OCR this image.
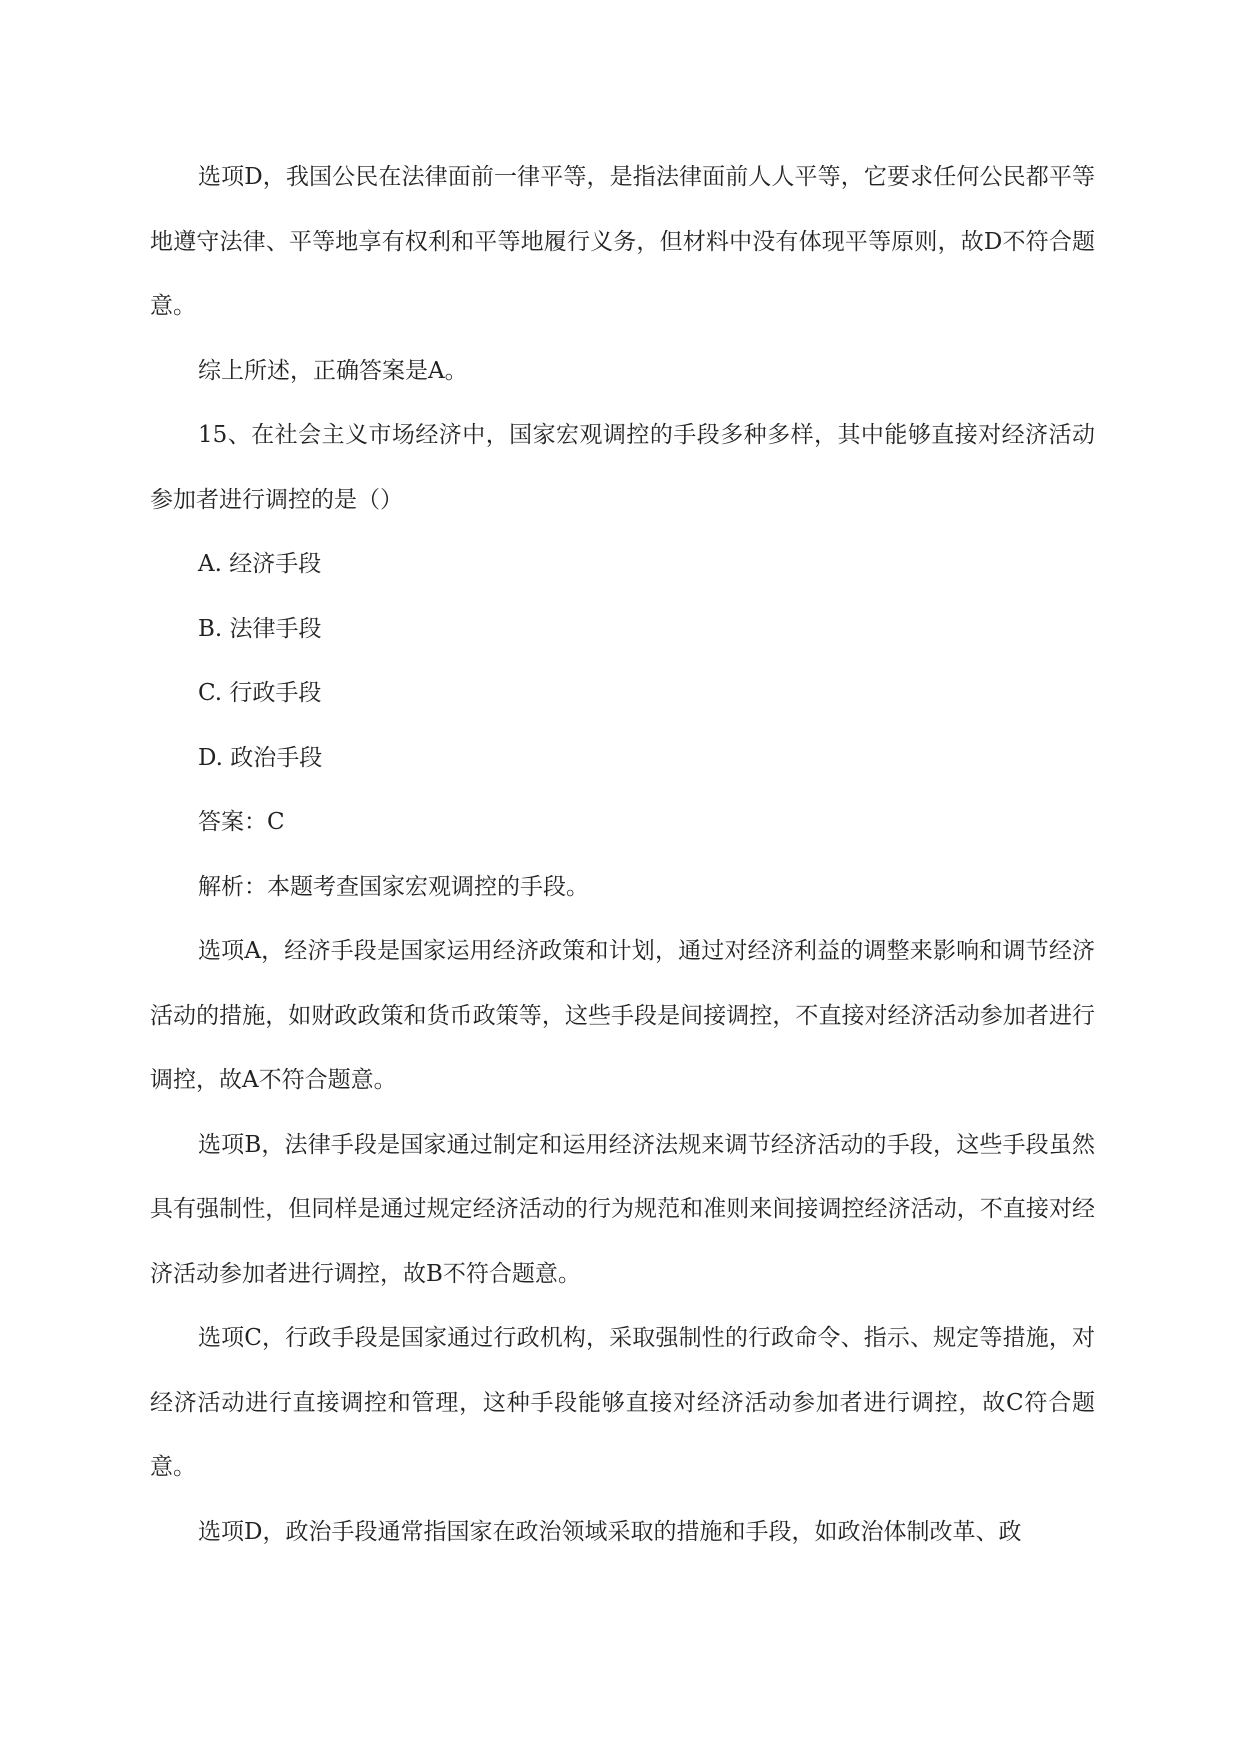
选项D，我国公民在法律面前一律平等，是指法律面前人人平等，它要求任何公民都平等地遵守法律、平等地享有权利和平等地履行义务，但材料中没有体现平等原则，故D不符合题意。

综上所述，正确答案是A。

15、在社会主义市场经济中，国家宏观调控的手段多种多样，其中能够直接对经济活动参加者进行调控的是（）

A. 经济手段

B. 法律手段

C. 行政手段

D. 政治手段

答案：C

解析：本题考查国家宏观调控的手段。

选项A，经济手段是国家运用经济政策和计划，通过对经济利益的调整来影响和调节经济活动的措施，如财政政策和货币政策等，这些手段是间接调控，不直接对经济活动参加者进行调控，故A不符合题意。

选项B，法律手段是国家通过制定和运用经济法规来调节经济活动的手段，这些手段虽然具有强制性，但同样是通过规定经济活动的行为规范和准则来间接调控经济活动，不直接对经济活动参加者进行调控，故B不符合题意。

选项C，行政手段是国家通过行政机构，采取强制性的行政命令、指示、规定等措施，对经济活动进行直接调控和管理，这种手段能够直接对经济活动参加者进行调控，故C符合题意。

选项D，政治手段通常指国家在政治领域采取的措施和手段，如政治体制改革、政
